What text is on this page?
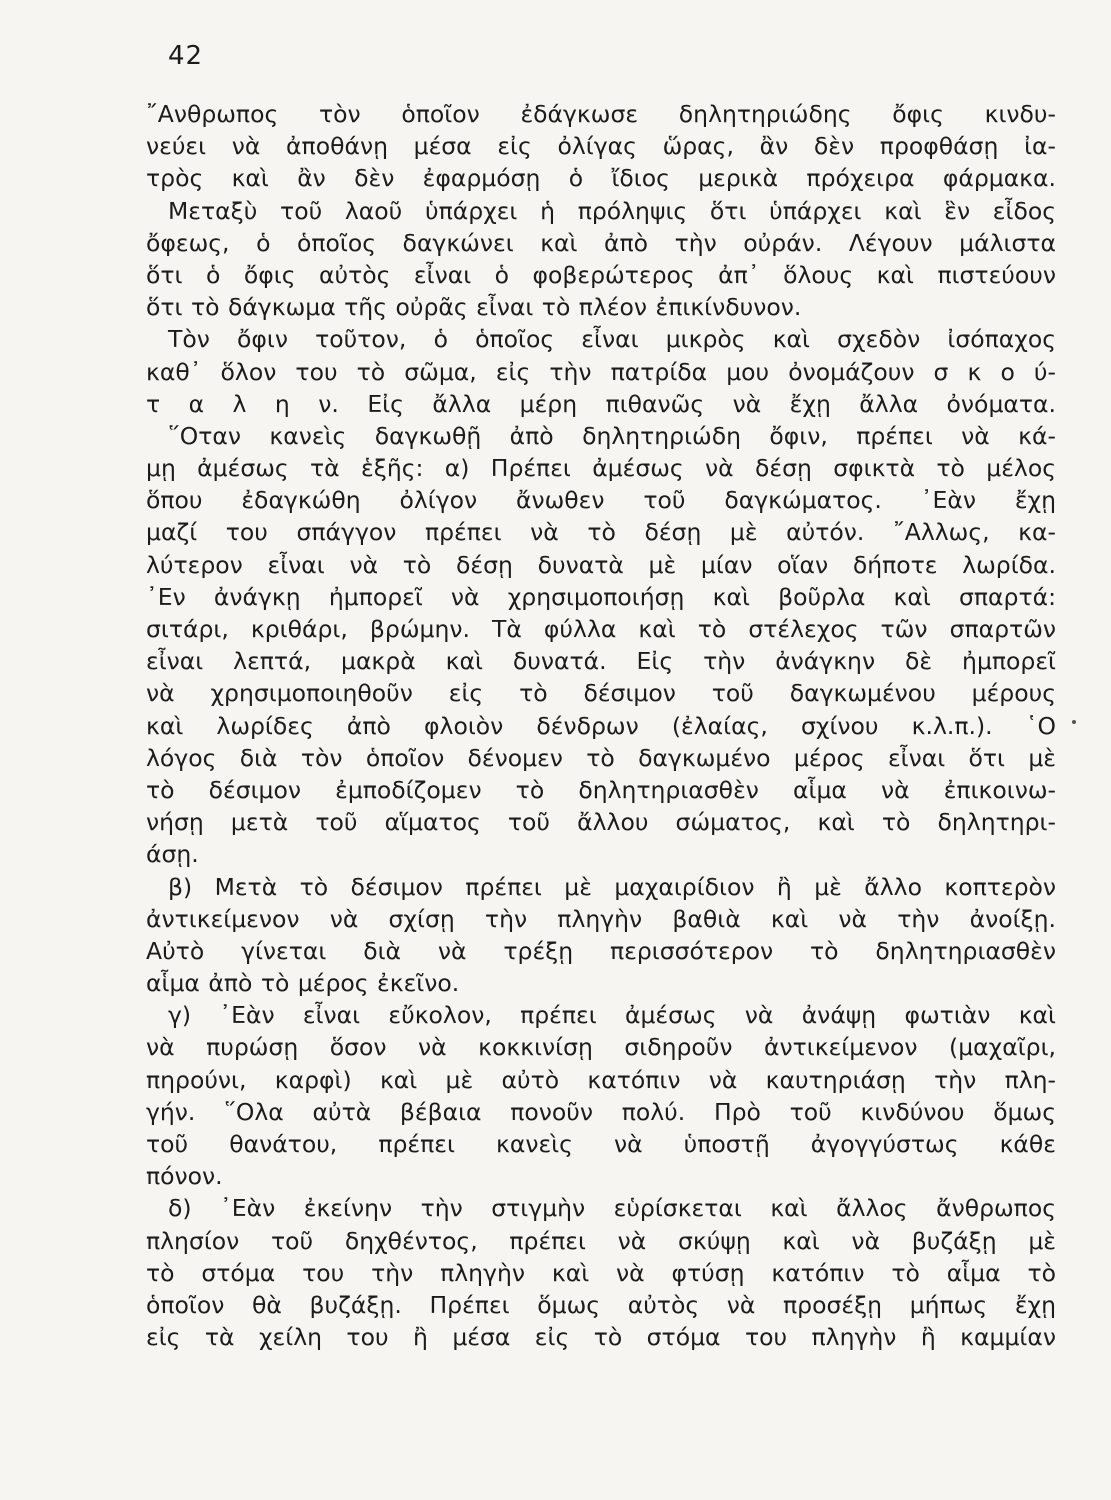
42
῎Ανθρωπος τὸν ὁποῖον ἐδάγκωσε δηλητηριώδης ὄφις κινδυ-
νεύει νὰ ἀποθάνῃ μέσα εἰς ὀλίγας ὥρας, ἂν δὲν προφθάσῃ ἰα-
τρὸς καὶ ἂν δὲν ἐφαρμόσῃ ὁ ἴδιος μερικὰ πρόχειρα φάρμακα.
Μεταξὺ τοῦ λαοῦ ὑπάρχει ἡ πρόληψις ὅτι ὑπάρχει καὶ ἓν εἶδος
ὄφεως, ὁ ὁποῖος δαγκώνει καὶ ἀπὸ τὴν οὐράν. Λέγουν μάλιστα
ὅτι ὁ ὄφις αὐτὸς εἶναι ὁ φοβερώτερος ἀπ᾿ ὅλους καὶ πιστεύουν
ὅτι τὸ δάγκωμα τῆς οὐρᾶς εἶναι τὸ πλέον ἐπικίνδυνον.
Τὸν ὄφιν τοῦτον, ὁ ὁποῖος εἶναι μικρὸς καὶ σχεδὸν ἰσόπαχος
καθ᾿ ὅλον του τὸ σῶμα, εἰς τὴν πατρίδα μου ὀνομάζουν σ κ ο ύ-
τ α λ η ν. Εἰς ἄλλα μέρη πιθανῶς νὰ ἔχῃ ἄλλα ὀνόματα.
῞Οταν κανεὶς δαγκωθῇ ἀπὸ δηλητηριώδη ὄφιν, πρέπει νὰ κά-
μῃ ἀμέσως τὰ ἑξῆς: α) Πρέπει ἀμέσως νὰ δέσῃ σφικτὰ τὸ μέλος
ὅπου ἐδαγκώθη ὀλίγον ἄνωθεν τοῦ δαγκώματος. ᾿Εὰν ἔχῃ
μαζί του σπάγγον πρέπει νὰ τὸ δέσῃ μὲ αὐτόν. ῎Αλλως, κα-
λύτερον εἶναι νὰ τὸ δέσῃ δυνατὰ μὲ μίαν οἵαν δήποτε λωρίδα.
᾿Εν ἀνάγκῃ ἠμπορεῖ νὰ χρησιμοποιήσῃ καὶ βοῦρλα καὶ σπαρτά:
σιτάρι, κριθάρι, βρώμην. Τὰ φύλλα καὶ τὸ στέλεχος τῶν σπαρτῶν
εἶναι λεπτά, μακρὰ καὶ δυνατά. Εἰς τὴν ἀνάγκην δὲ ἠμπορεῖ
νὰ χρησιμοποιηθοῦν εἰς τὸ δέσιμον τοῦ δαγκωμένου μέρους
καὶ λωρίδες ἀπὸ φλοιὸν δένδρων (ἐλαίας, σχίνου κ.λ.π.). ῾Ο
λόγος διὰ τὸν ὁποῖον δένομεν τὸ δαγκωμένο μέρος εἶναι ὅτι μὲ
τὸ δέσιμον ἐμποδίζομεν τὸ δηλητηριασθὲν αἷμα νὰ ἐπικοινω-
νήσῃ μετὰ τοῦ αἵματος τοῦ ἄλλου σώματος, καὶ τὸ δηλητηρι-
άσῃ.
β) Μετὰ τὸ δέσιμον πρέπει μὲ μαχαιρίδιον ἢ μὲ ἄλλο κοπτερὸν
ἀντικείμενον νὰ σχίσῃ τὴν πληγὴν βαθιὰ καὶ νὰ τὴν ἀνοίξῃ.
Αὐτὸ γίνεται διὰ νὰ τρέξῃ περισσότερον τὸ δηλητηριασθὲν
αἷμα ἀπὸ τὸ μέρος ἐκεῖνο.
γ) ᾿Εὰν εἶναι εὔκολον, πρέπει ἀμέσως νὰ ἀνάψῃ φωτιὰν καὶ
νὰ πυρώσῃ ὅσον νὰ κοκκινίσῃ σιδηροῦν ἀντικείμενον (μαχαῖρι,
πηρούνι, καρφὶ) καὶ μὲ αὐτὸ κατόπιν νὰ καυτηριάσῃ τὴν πλη-
γήν. ῞Ολα αὐτὰ βέβαια πονοῦν πολύ. Πρὸ τοῦ κινδύνου ὅμως
τοῦ θανάτου, πρέπει κανεὶς νὰ ὑποστῇ ἀγογγύστως κάθε
πόνον.
δ) ᾿Εὰν ἐκείνην τὴν στιγμὴν εὑρίσκεται καὶ ἄλλος ἄνθρωπος
πλησίον τοῦ δηχθέντος, πρέπει νὰ σκύψῃ καὶ νὰ βυζάξῃ μὲ
τὸ στόμα του τὴν πληγὴν καὶ νὰ φτύσῃ κατόπιν τὸ αἷμα τὸ
ὁποῖον θὰ βυζάξῃ. Πρέπει ὅμως αὐτὸς νὰ προσέξῃ μήπως ἔχῃ
εἰς τὰ χείλη του ἢ μέσα εἰς τὸ στόμα του πληγὴν ἢ καμμίαν
